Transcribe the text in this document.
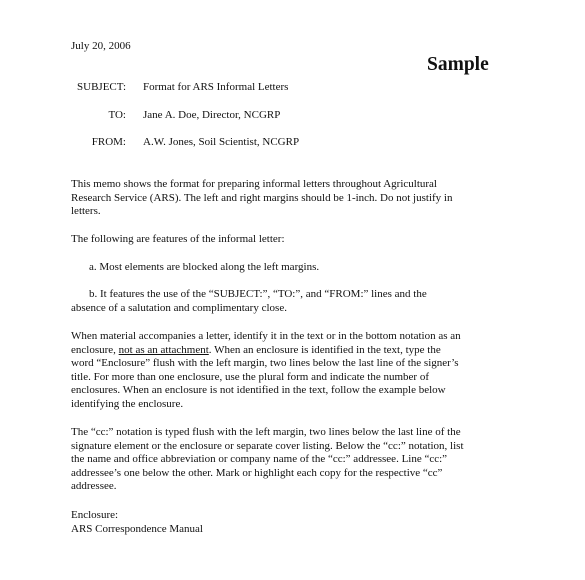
July 20, 2006
Sample
SUBJECT: Format for ARS Informal Letters
TO: Jane A. Doe, Director, NCGRP
FROM: A.W. Jones, Soil Scientist, NCGRP
This memo shows the format for preparing informal letters throughout Agricultural
Research Service (ARS). The left and right margins should be 1-inch. Do not justify in
letters.
The following are features of the informal letter:
a. Most elements are blocked along the left margins.
b. It features the use of the “SUBJECT:”, “TO:”, and “FROM:” lines and the
absence of a salutation and complimentary close.
When material accompanies a letter, identify it in the text or in the bottom notation as an
enclosure, not as an attachment. When an enclosure is identified in the text, type the
word “Enclosure” flush with the left margin, two lines below the last line of the signer’s
title. For more than one enclosure, use the plural form and indicate the number of
enclosures. When an enclosure is not identified in the text, follow the example below
identifying the enclosure.
The “cc:” notation is typed flush with the left margin, two lines below the last line of the
signature element or the enclosure or separate cover listing. Below the “cc:” notation, list
the name and office abbreviation or company name of the “cc:” addressee. Line “cc:”
addressee’s one below the other. Mark or highlight each copy for the respective “cc”
addressee.
Enclosure:
ARS Correspondence Manual
